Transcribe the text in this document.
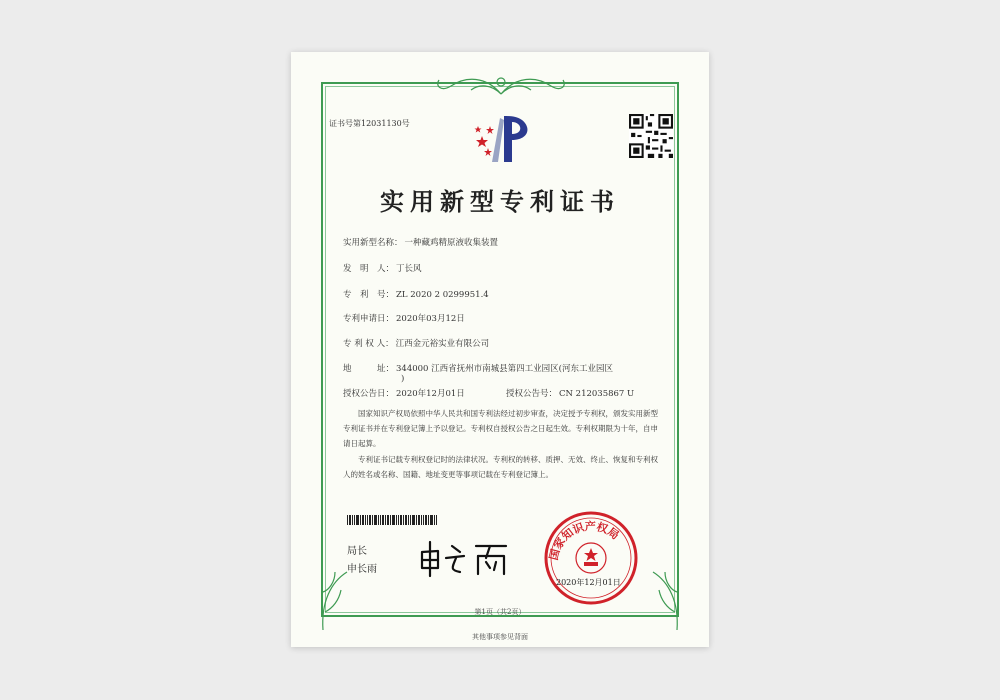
证书号第12031130号
实用新型专利证书
实用新型名称： 一种藏鸡精原液收集装置
发　明　人： 丁长风
专　利　号： ZL 2020 2 0299951.4
专利申请日： 2020年03月12日
专 利 权 人： 江西金元裕实业有限公司
地　　　址： 344000 江西省抚州市南城县第四工业园区(河东工业园区
)
授权公告日： 2020年12月01日	授权公告号： CN 212035867 U
国家知识产权局依照中华人民共和国专利法经过初步审查，决定授予专利权，颁发实用新型专利证书并在专利登记簿上予以登记。专利权自授权公告之日起生效。专利权期限为十年，自申请日起算。
专利证书记载专利权登记时的法律状况。专利权的转移、质押、无效、终止、恢复和专利权人的姓名或名称、国籍、地址变更等事项记载在专利登记簿上。
局长
申长雨
国家知识产权局
2020年12月01日
第1页（共2页）
其他事项参见背面
